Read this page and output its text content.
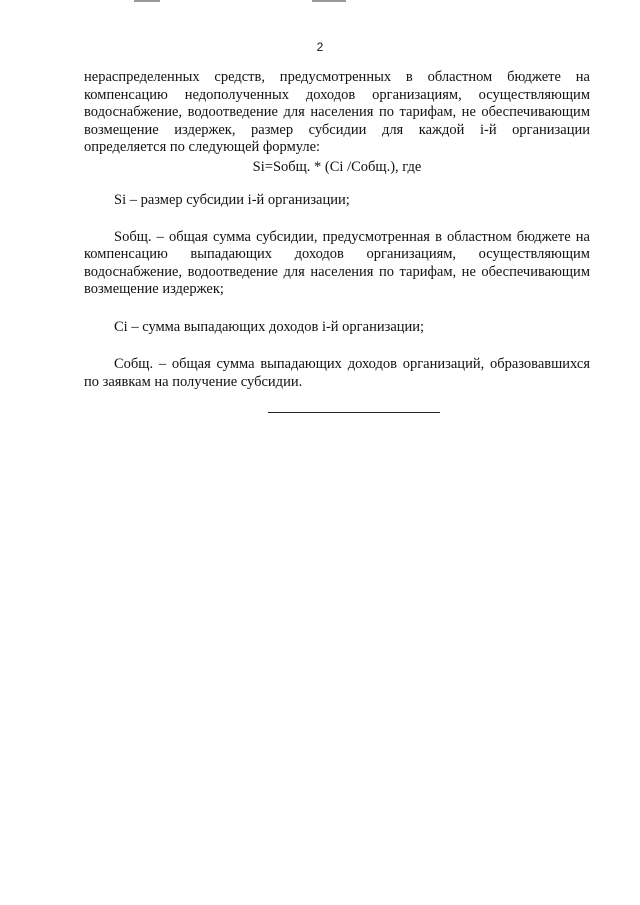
2

нераспределенных средств, предусмотренных в областном бюджете на компенсацию недополученных доходов организациям, осуществляющим водоснабжение, водоотведение для населения по тарифам, не обеспечивающим возмещение издержек, размер субсидии для каждой i-й организации определяется по следующей формуле:

Si=Sобщ. * (Ci /Cобщ.), где

Si – размер субсидии i-й организации;

Sобщ. – общая сумма субсидии, предусмотренная в областном бюджете на компенсацию выпадающих доходов организациям, осуществляющим водоснабжение, водоотведение для населения по тарифам, не обеспечивающим возмещение издержек;

Ci – сумма выпадающих доходов i-й организации;

Cобщ. – общая сумма выпадающих доходов организаций, образовавшихся по заявкам на получение субсидии.
